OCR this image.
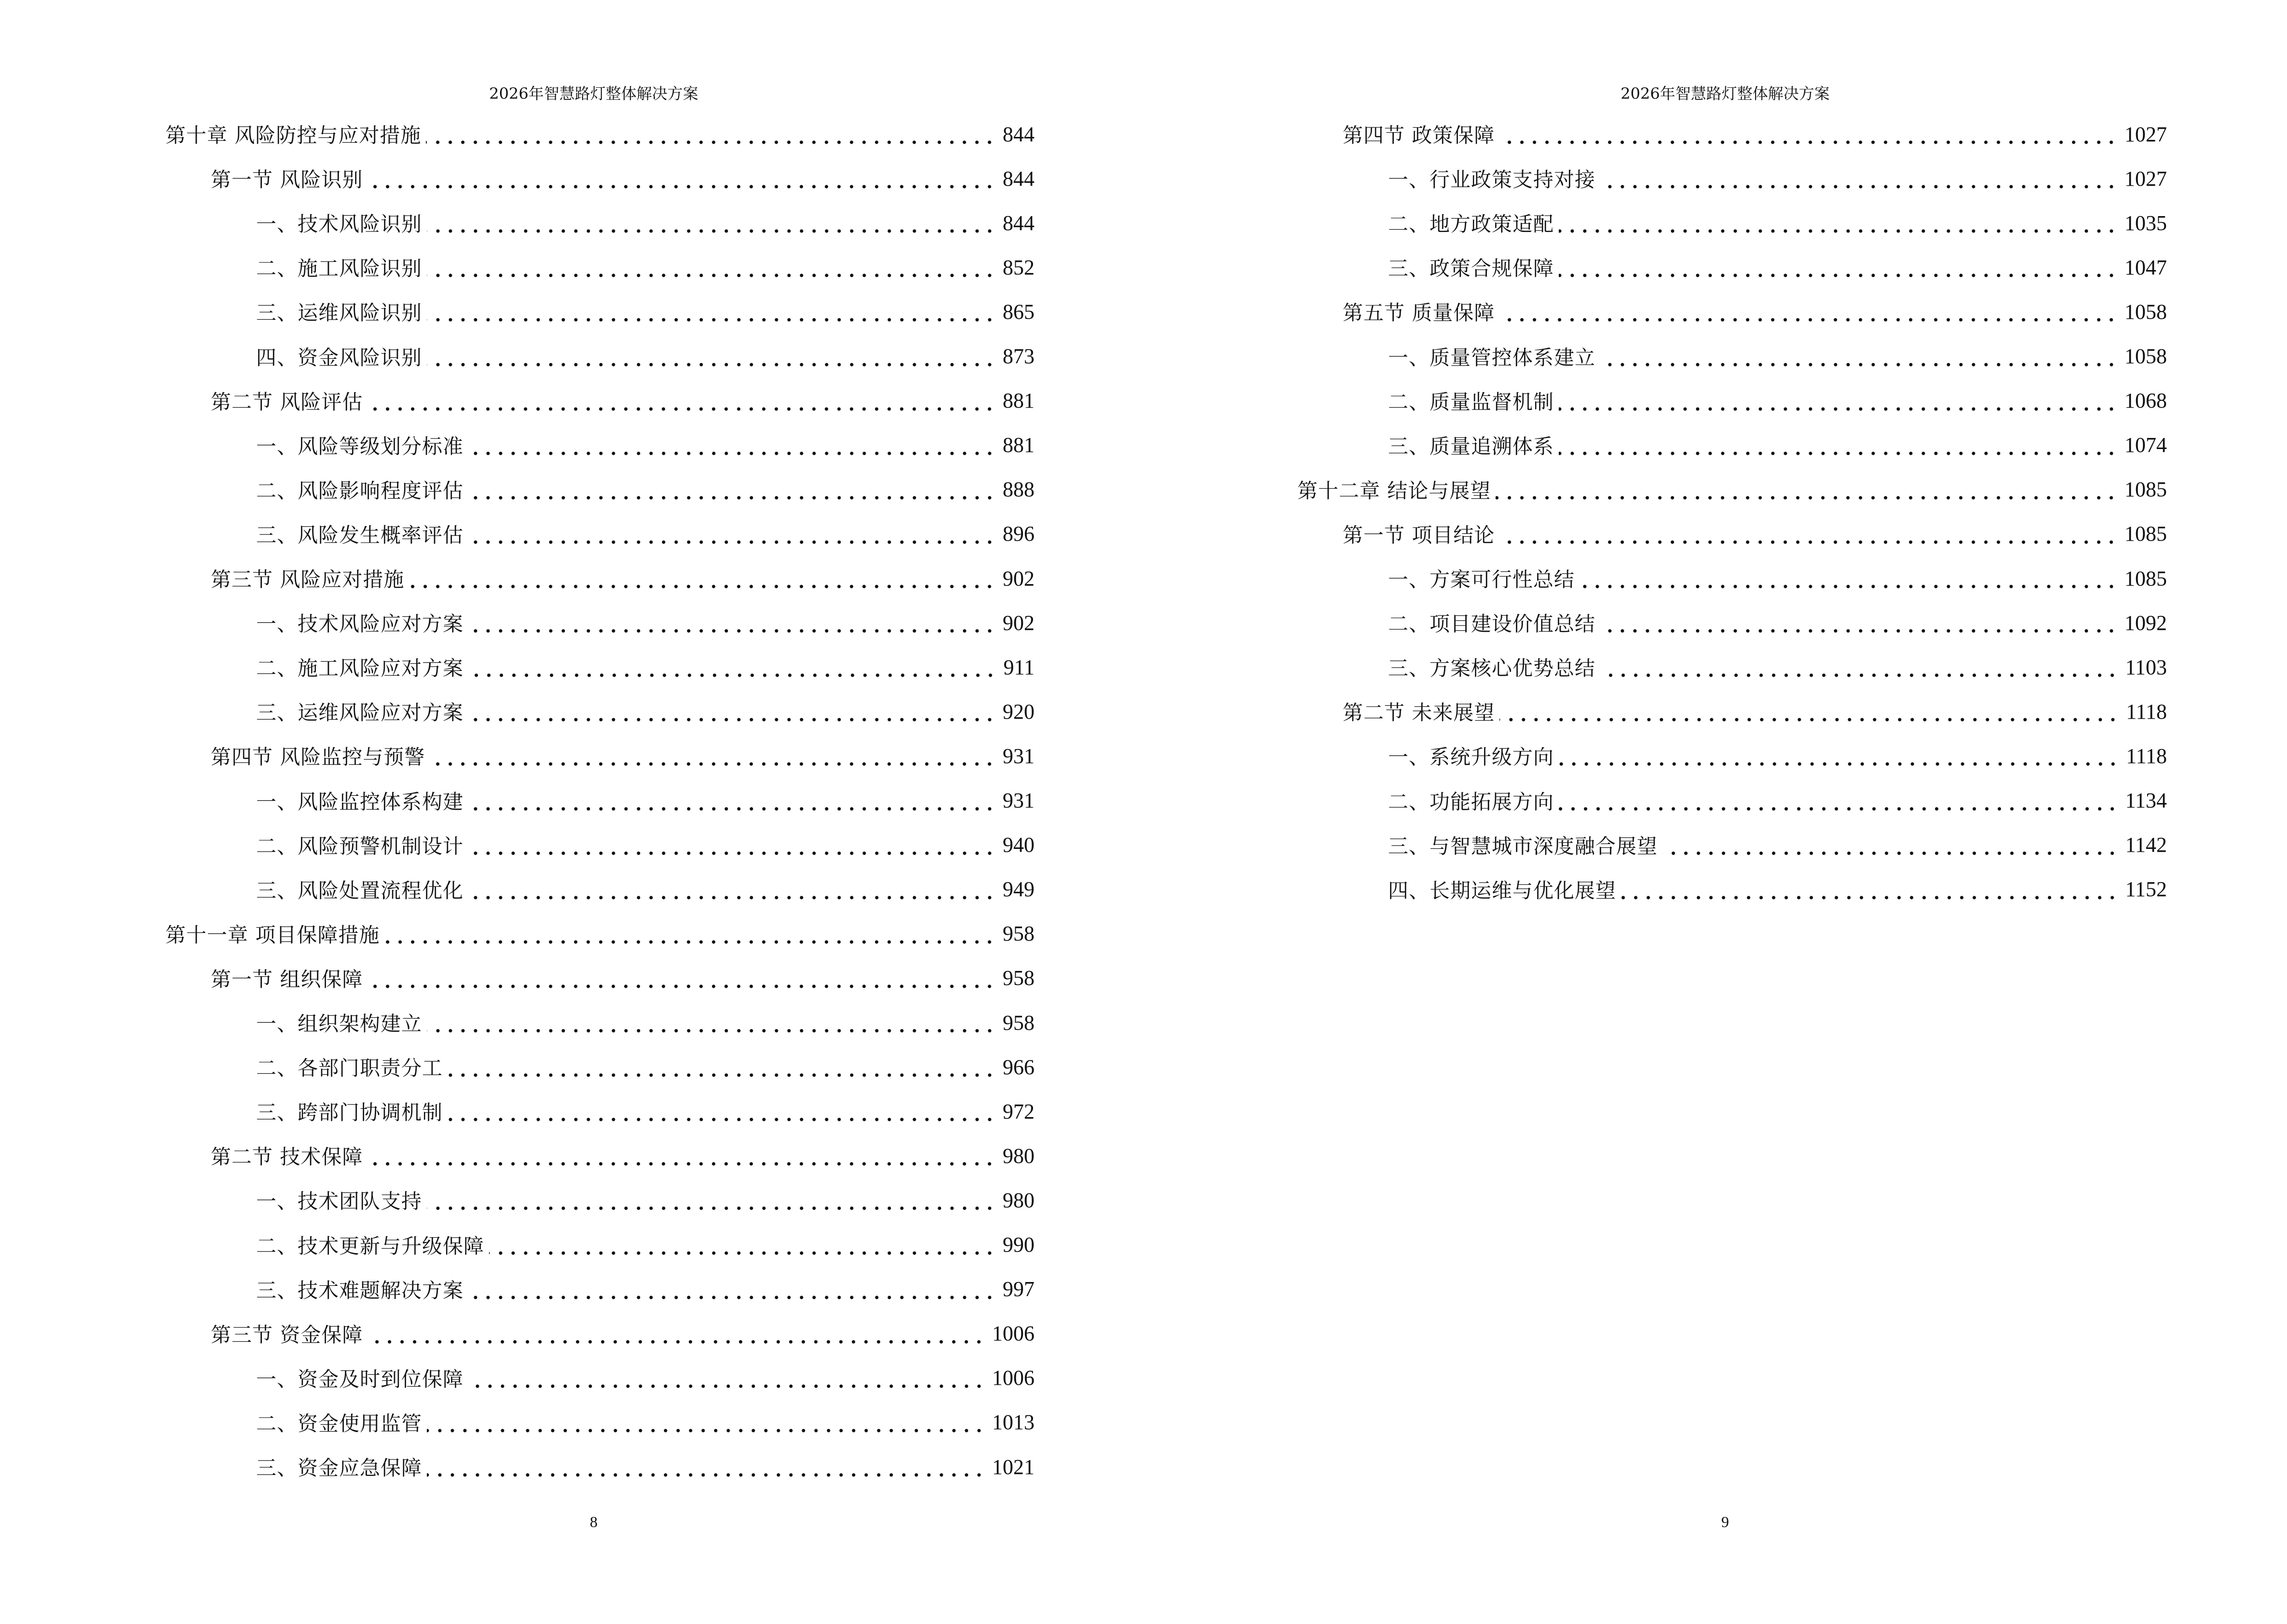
2026年智慧路灯整体解决方案
第十章 风险防控与应对措施	844
第一节 风险识别	844
一、技术风险识别	844
二、施工风险识别	852
三、运维风险识别	865
四、资金风险识别	873
第二节 风险评估	881
一、风险等级划分标准	881
二、风险影响程度评估	888
三、风险发生概率评估	896
第三节 风险应对措施	902
一、技术风险应对方案	902
二、施工风险应对方案	911
三、运维风险应对方案	920
第四节 风险监控与预警	931
一、风险监控体系构建	931
二、风险预警机制设计	940
三、风险处置流程优化	949
第十一章 项目保障措施	958
第一节 组织保障	958
一、组织架构建立	958
二、各部门职责分工	966
三、跨部门协调机制	972
第二节 技术保障	980
一、技术团队支持	980
二、技术更新与升级保障	990
三、技术难题解决方案	997
第三节 资金保障	1006
一、资金及时到位保障	1006
二、资金使用监管	1013
三、资金应急保障	1021
8
2026年智慧路灯整体解决方案
第四节 政策保障	1027
一、行业政策支持对接	1027
二、地方政策适配	1035
三、政策合规保障	1047
第五节 质量保障	1058
一、质量管控体系建立	1058
二、质量监督机制	1068
三、质量追溯体系	1074
第十二章 结论与展望	1085
第一节 项目结论	1085
一、方案可行性总结	1085
二、项目建设价值总结	1092
三、方案核心优势总结	1103
第二节 未来展望	1118
一、系统升级方向	1118
二、功能拓展方向	1134
三、与智慧城市深度融合展望	1142
四、长期运维与优化展望	1152
9
